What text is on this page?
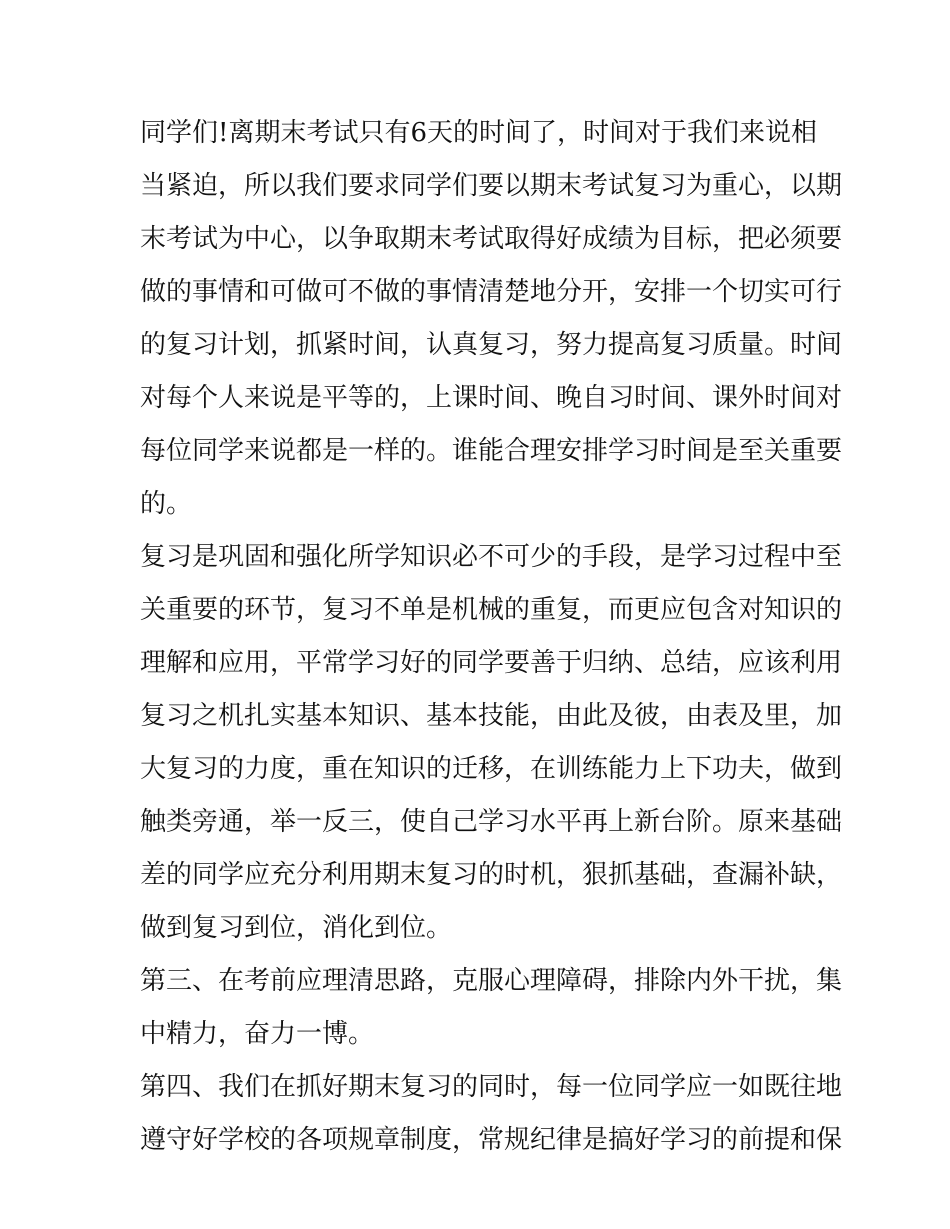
同学们!离期末考试只有6天的时间了，时间对于我们来说相
当紧迫，所以我们要求同学们要以期末考试复习为重心，以期
末考试为中心，以争取期末考试取得好成绩为目标，把必须要
做的事情和可做可不做的事情清楚地分开，安排一个切实可行
的复习计划，抓紧时间，认真复习，努力提高复习质量。时间
对每个人来说是平等的，上课时间、晚自习时间、课外时间对
每位同学来说都是一样的。谁能合理安排学习时间是至关重要
的。
复习是巩固和强化所学知识必不可少的手段，是学习过程中至
关重要的环节，复习不单是机械的重复，而更应包含对知识的
理解和应用，平常学习好的同学要善于归纳、总结，应该利用
复习之机扎实基本知识、基本技能，由此及彼，由表及里，加
大复习的力度，重在知识的迁移，在训练能力上下功夫，做到
触类旁通，举一反三，使自己学习水平再上新台阶。原来基础
差的同学应充分利用期末复习的时机，狠抓基础，查漏补缺，
做到复习到位，消化到位。
第三、在考前应理清思路，克服心理障碍，排除内外干扰，集
中精力，奋力一博。
第四、我们在抓好期末复习的同时，每一位同学应一如既往地
遵守好学校的各项规章制度，常规纪律是搞好学习的前提和保
